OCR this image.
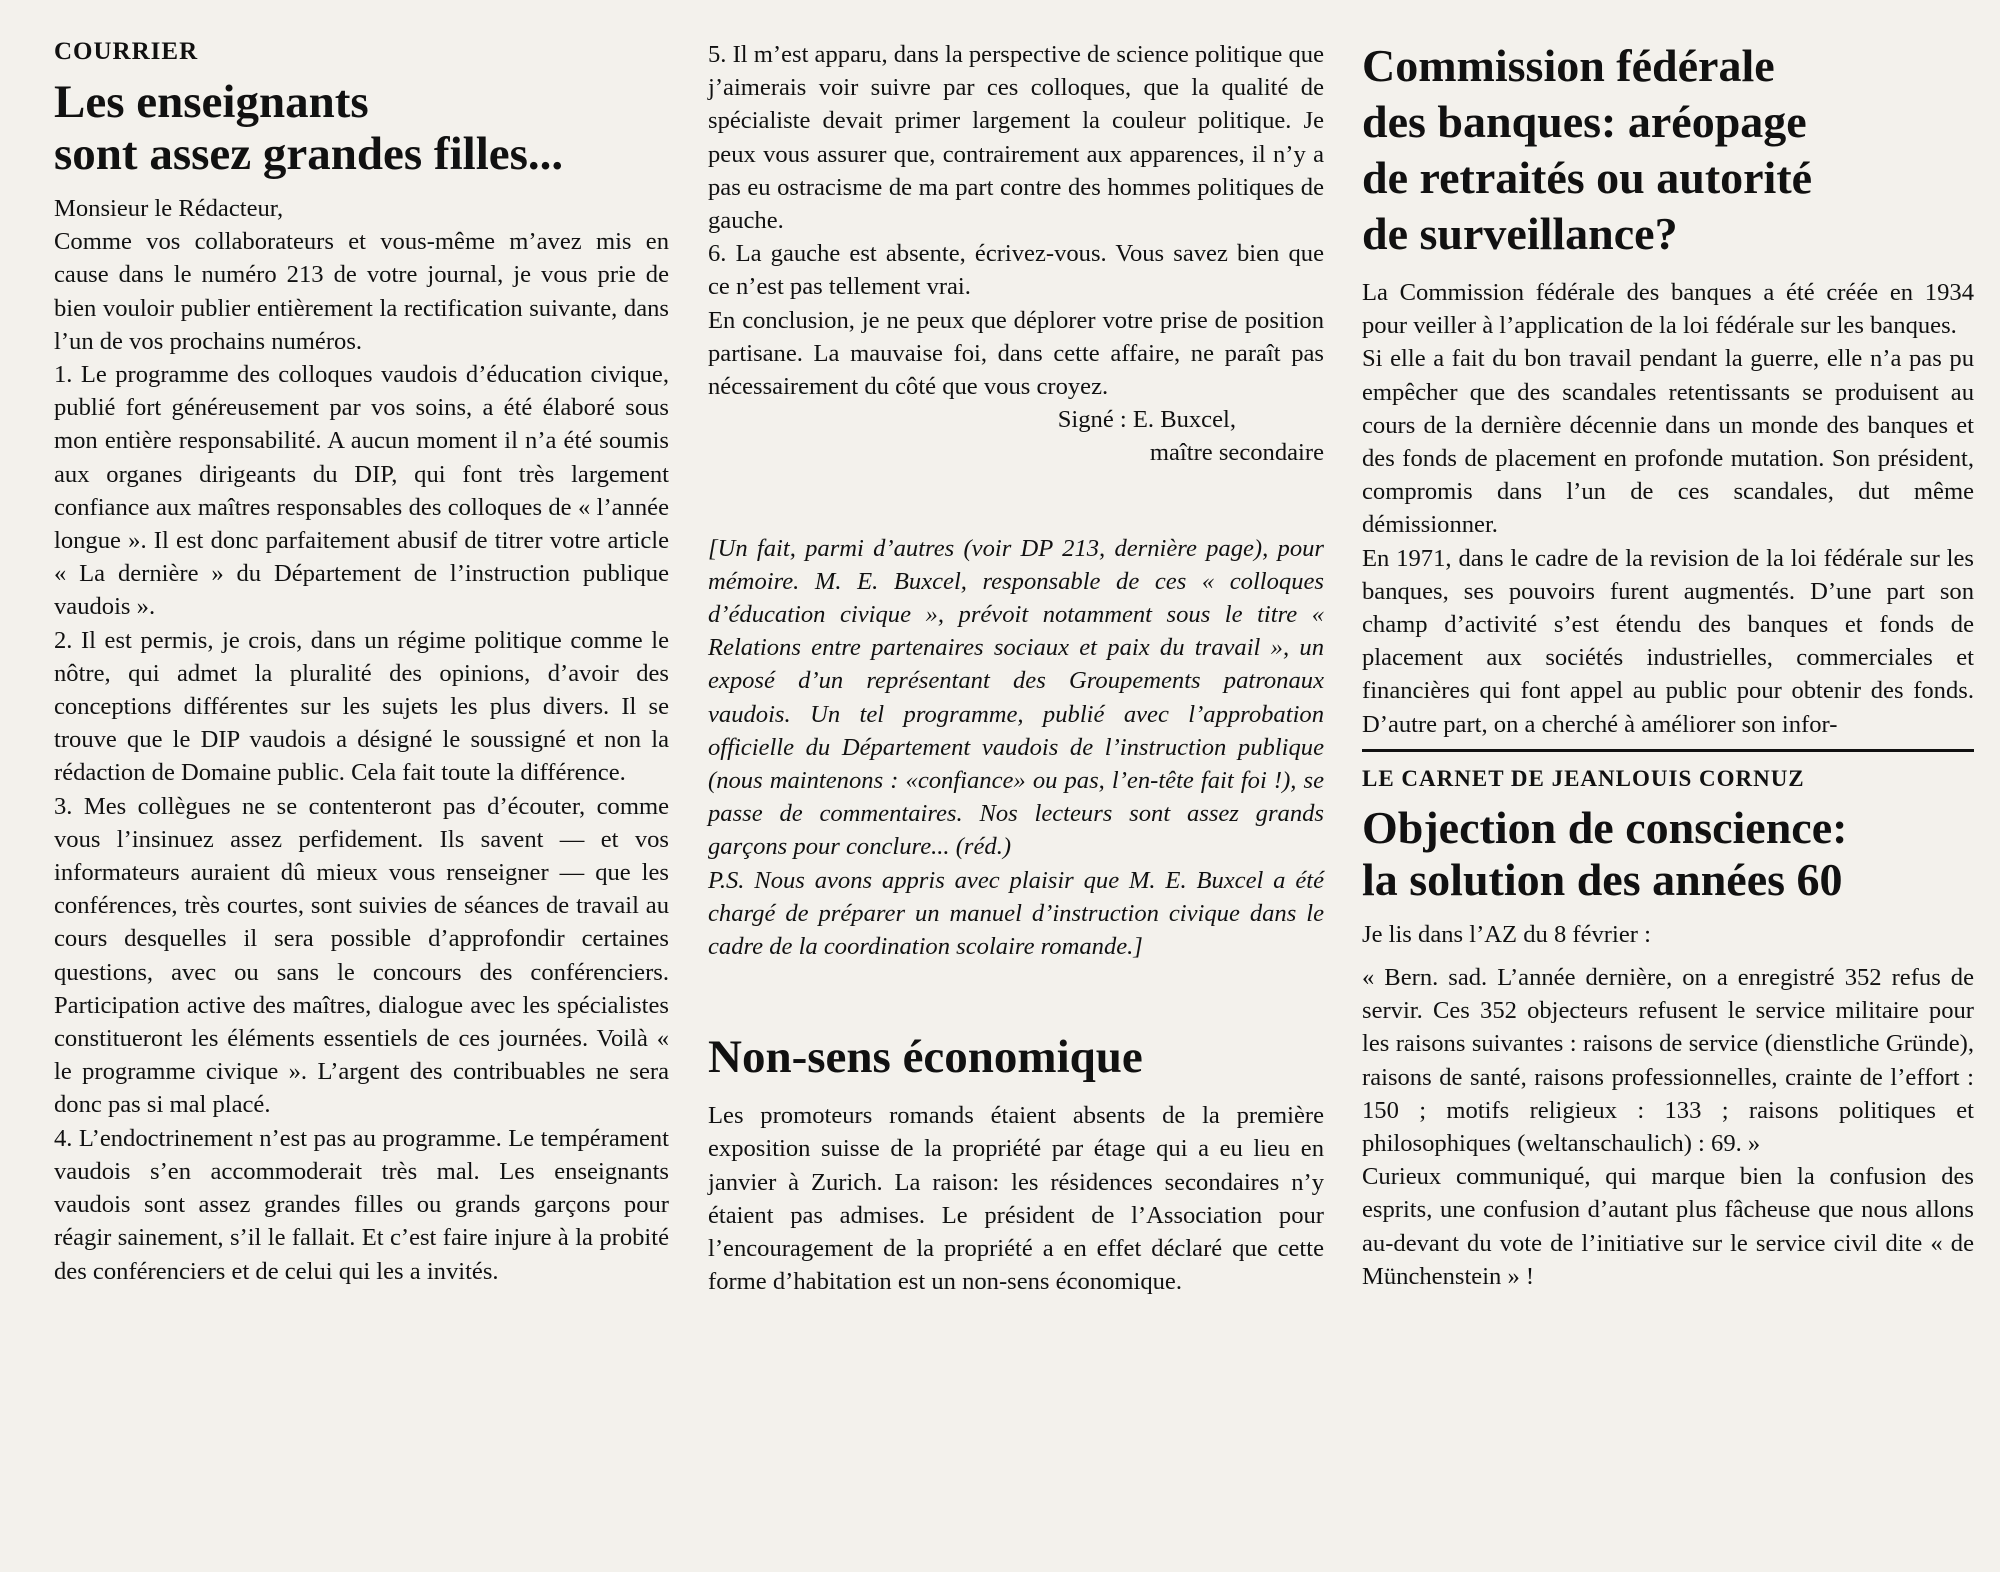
COURRIER
Les enseignants
sont assez grandes filles...

Monsieur le Rédacteur,

Comme vos collaborateurs et vous-même m’avez mis en cause dans le numéro 213 de votre journal, je vous prie de bien vouloir publier entièrement la rectification suivante, dans l’un de vos prochains numéros.

1. Le programme des colloques vaudois d’éducation civique, publié fort généreusement par vos soins, a été élaboré sous mon entière responsabilité. A aucun moment il n’a été soumis aux organes dirigeants du DIP, qui font très largement confiance aux maîtres responsables des colloques de « l’année longue ». Il est donc parfaitement abusif de titrer votre article « La dernière » du Département de l’instruction publique vaudois ».

2. Il est permis, je crois, dans un régime politique comme le nôtre, qui admet la pluralité des opinions, d’avoir des conceptions différentes sur les sujets les plus divers. Il se trouve que le DIP vaudois a désigné le soussigné et non la rédaction de Domaine public. Cela fait toute la différence.

3. Mes collègues ne se contenteront pas d’écouter, comme vous l’insinuez assez perfidement. Ils savent — et vos informateurs auraient dû mieux vous renseigner — que les conférences, très courtes, sont suivies de séances de travail au cours desquelles il sera possible d’approfondir certaines questions, avec ou sans le concours des conférenciers. Participation active des maîtres, dialogue avec les spécialistes constitueront les éléments essentiels de ces journées. Voilà « le programme civique ». L’argent des contribuables ne sera donc pas si mal placé.

4. L’endoctrinement n’est pas au programme. Le tempérament vaudois s’en accommoderait très mal. Les enseignants vaudois sont assez grandes filles ou grands garçons pour réagir sainement, s’il le fallait. Et c’est faire injure à la probité des conférenciers et de celui qui les a invités.

5. Il m’est apparu, dans la perspective de science politique que j’aimerais voir suivre par ces colloques, que la qualité de spécialiste devait primer largement la couleur politique. Je peux vous assurer que, contrairement aux apparences, il n’y a pas eu ostracisme de ma part contre des hommes politiques de gauche.

6. La gauche est absente, écrivez-vous. Vous savez bien que ce n’est pas tellement vrai.

En conclusion, je ne peux que déplorer votre prise de position partisane. La mauvaise foi, dans cette affaire, ne paraît pas nécessairement du côté que vous croyez.

Signé : E. Buxcel,
maître secondaire

[Un fait, parmi d’autres (voir DP 213, dernière page), pour mémoire. M. E. Buxcel, responsable de ces « colloques d’éducation civique », prévoit notamment sous le titre « Relations entre partenaires sociaux et paix du travail », un exposé d’un représentant des Groupements patronaux vaudois. Un tel programme, publié avec l’approbation officielle du Département vaudois de l’instruction publique (nous maintenons : «confiance» ou pas, l’en-tête fait foi !), se passe de commentaires. Nos lecteurs sont assez grands garçons pour conclure... (réd.)

P.S. Nous avons appris avec plaisir que M. E. Buxcel a été chargé de préparer un manuel d’instruction civique dans le cadre de la coordination scolaire romande.]

Non-sens économique

Les promoteurs romands étaient absents de la première exposition suisse de la propriété par étage qui a eu lieu en janvier à Zurich. La raison: les résidences secondaires n’y étaient pas admises. Le président de l’Association pour l’encouragement de la propriété a en effet déclaré que cette forme d’habitation est un non-sens économique.

Commission fédérale
des banques: aréopage
de retraités ou autorité
de surveillance?

La Commission fédérale des banques a été créée en 1934 pour veiller à l’application de la loi fédérale sur les banques.

Si elle a fait du bon travail pendant la guerre, elle n’a pas pu empêcher que des scandales retentissants se produisent au cours de la dernière décennie dans un monde des banques et des fonds de placement en profonde mutation. Son président, compromis dans l’un de ces scandales, dut même démissionner.

En 1971, dans le cadre de la revision de la loi fédérale sur les banques, ses pouvoirs furent augmentés. D’une part son champ d’activité s’est étendu des banques et fonds de placement aux sociétés industrielles, commerciales et financières qui font appel au public pour obtenir des fonds. D’autre part, on a cherché à améliorer son infor-

LE CARNET DE JEANLOUIS CORNUZ
Objection de conscience:
la solution des années 60

Je lis dans l’AZ du 8 février :

« Bern. sad. L’année dernière, on a enregistré 352 refus de servir. Ces 352 objecteurs refusent le service militaire pour les raisons suivantes : raisons de service (dienstliche Gründe), raisons de santé, raisons professionnelles, crainte de l’effort : 150 ; motifs religieux : 133 ; raisons politiques et philosophiques (weltanschaulich) : 69. »

Curieux communiqué, qui marque bien la confusion des esprits, une confusion d’autant plus fâcheuse que nous allons au-devant du vote de l’initiative sur le service civil dite « de Münchenstein » !
